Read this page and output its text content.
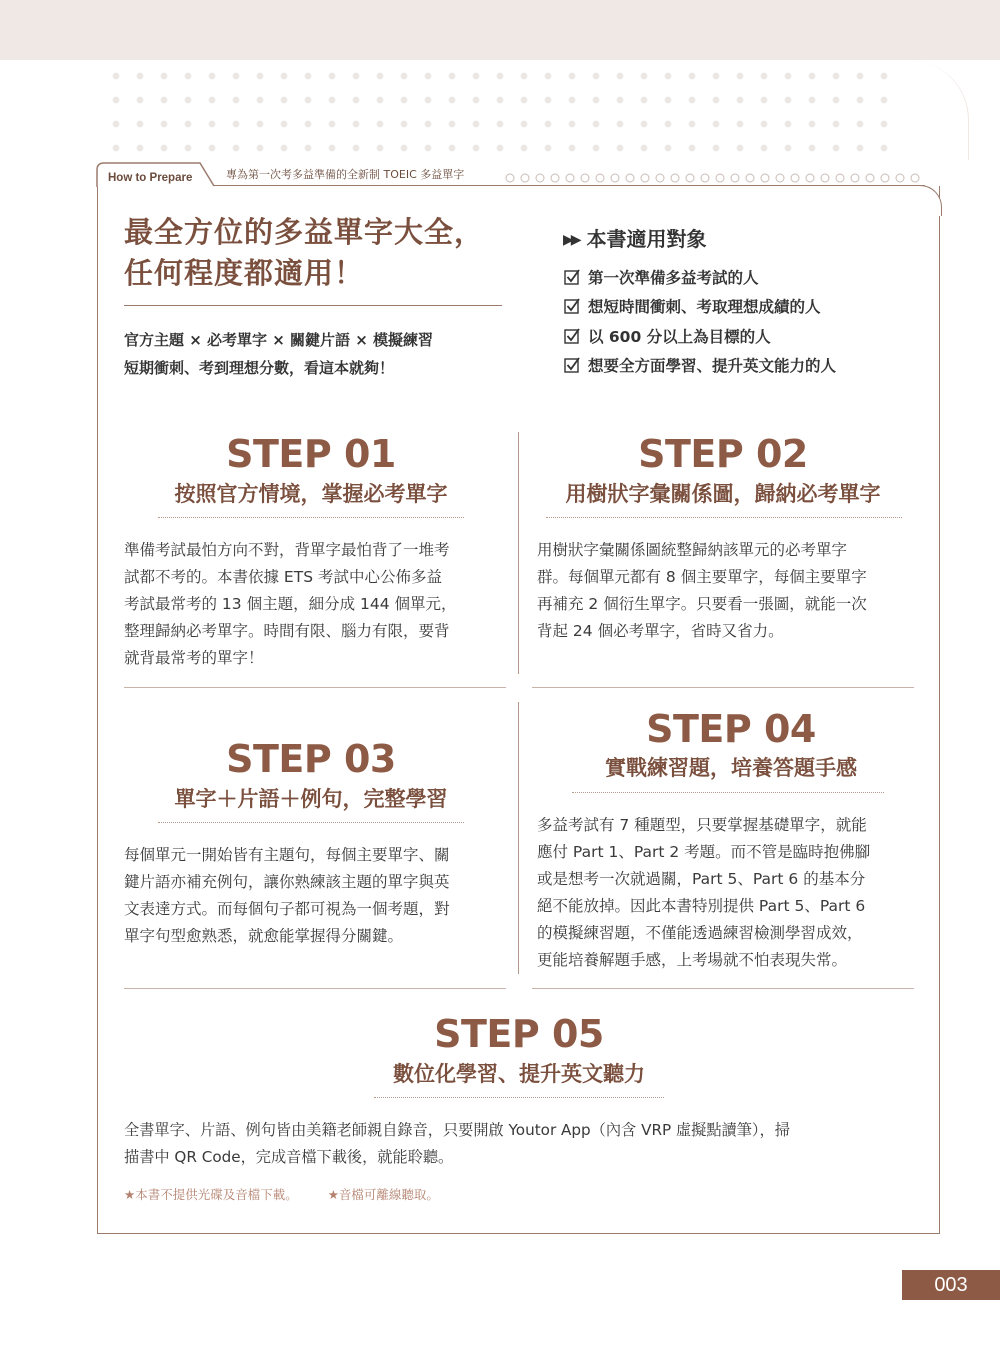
How to Prepare	專為第一次考多益準備的全新制 TOEIC 多益單字
最全方位的多益單字大全，
任何程度都適用！
官方主題 × 必考單字 × 關鍵片語 × 模擬練習
短期衝刺、考到理想分數，看這本就夠！
▶▶ 本書適用對象
第一次準備多益考試的人
想短時間衝刺、考取理想成績的人
以 600 分以上為目標的人
想要全方面學習、提升英文能力的人
STEP 01
按照官方情境，掌握必考單字
準備考試最怕方向不對，背單字最怕背了一堆考
試都不考的。本書依據 ETS 考試中心公佈多益
考試最常考的 13 個主題，細分成 144 個單元，
整理歸納必考單字。時間有限、腦力有限，要背
就背最常考的單字！
STEP 02
用樹狀字彙關係圖，歸納必考單字
用樹狀字彙關係圖統整歸納該單元的必考單字
群。每個單元都有 8 個主要單字，每個主要單字
再補充 2 個衍生單字。只要看一張圖，就能一次
背起 24 個必考單字，省時又省力。
STEP 03
單字＋片語＋例句，完整學習
每個單元一開始皆有主題句，每個主要單字、關
鍵片語亦補充例句，讓你熟練該主題的單字與英
文表達方式。而每個句子都可視為一個考題，對
單字句型愈熟悉，就愈能掌握得分關鍵。
STEP 04
實戰練習題，培養答題手感
多益考試有 7 種題型，只要掌握基礎單字，就能
應付 Part 1、Part 2 考題。而不管是臨時抱佛腳
或是想考一次就過關，Part 5、Part 6 的基本分
絕不能放掉。因此本書特別提供 Part 5、Part 6
的模擬練習題，不僅能透過練習檢測學習成效，
更能培養解題手感，上考場就不怕表現失常。
STEP 05
數位化學習、提升英文聽力
全書單字、片語、例句皆由美籍老師親自錄音，只要開啟 Youtor App（內含 VRP 虛擬點讀筆），掃
描書中 QR Code，完成音檔下載後，就能聆聽。
★本書不提供光碟及音檔下載。 ★音檔可離線聽取。
003
